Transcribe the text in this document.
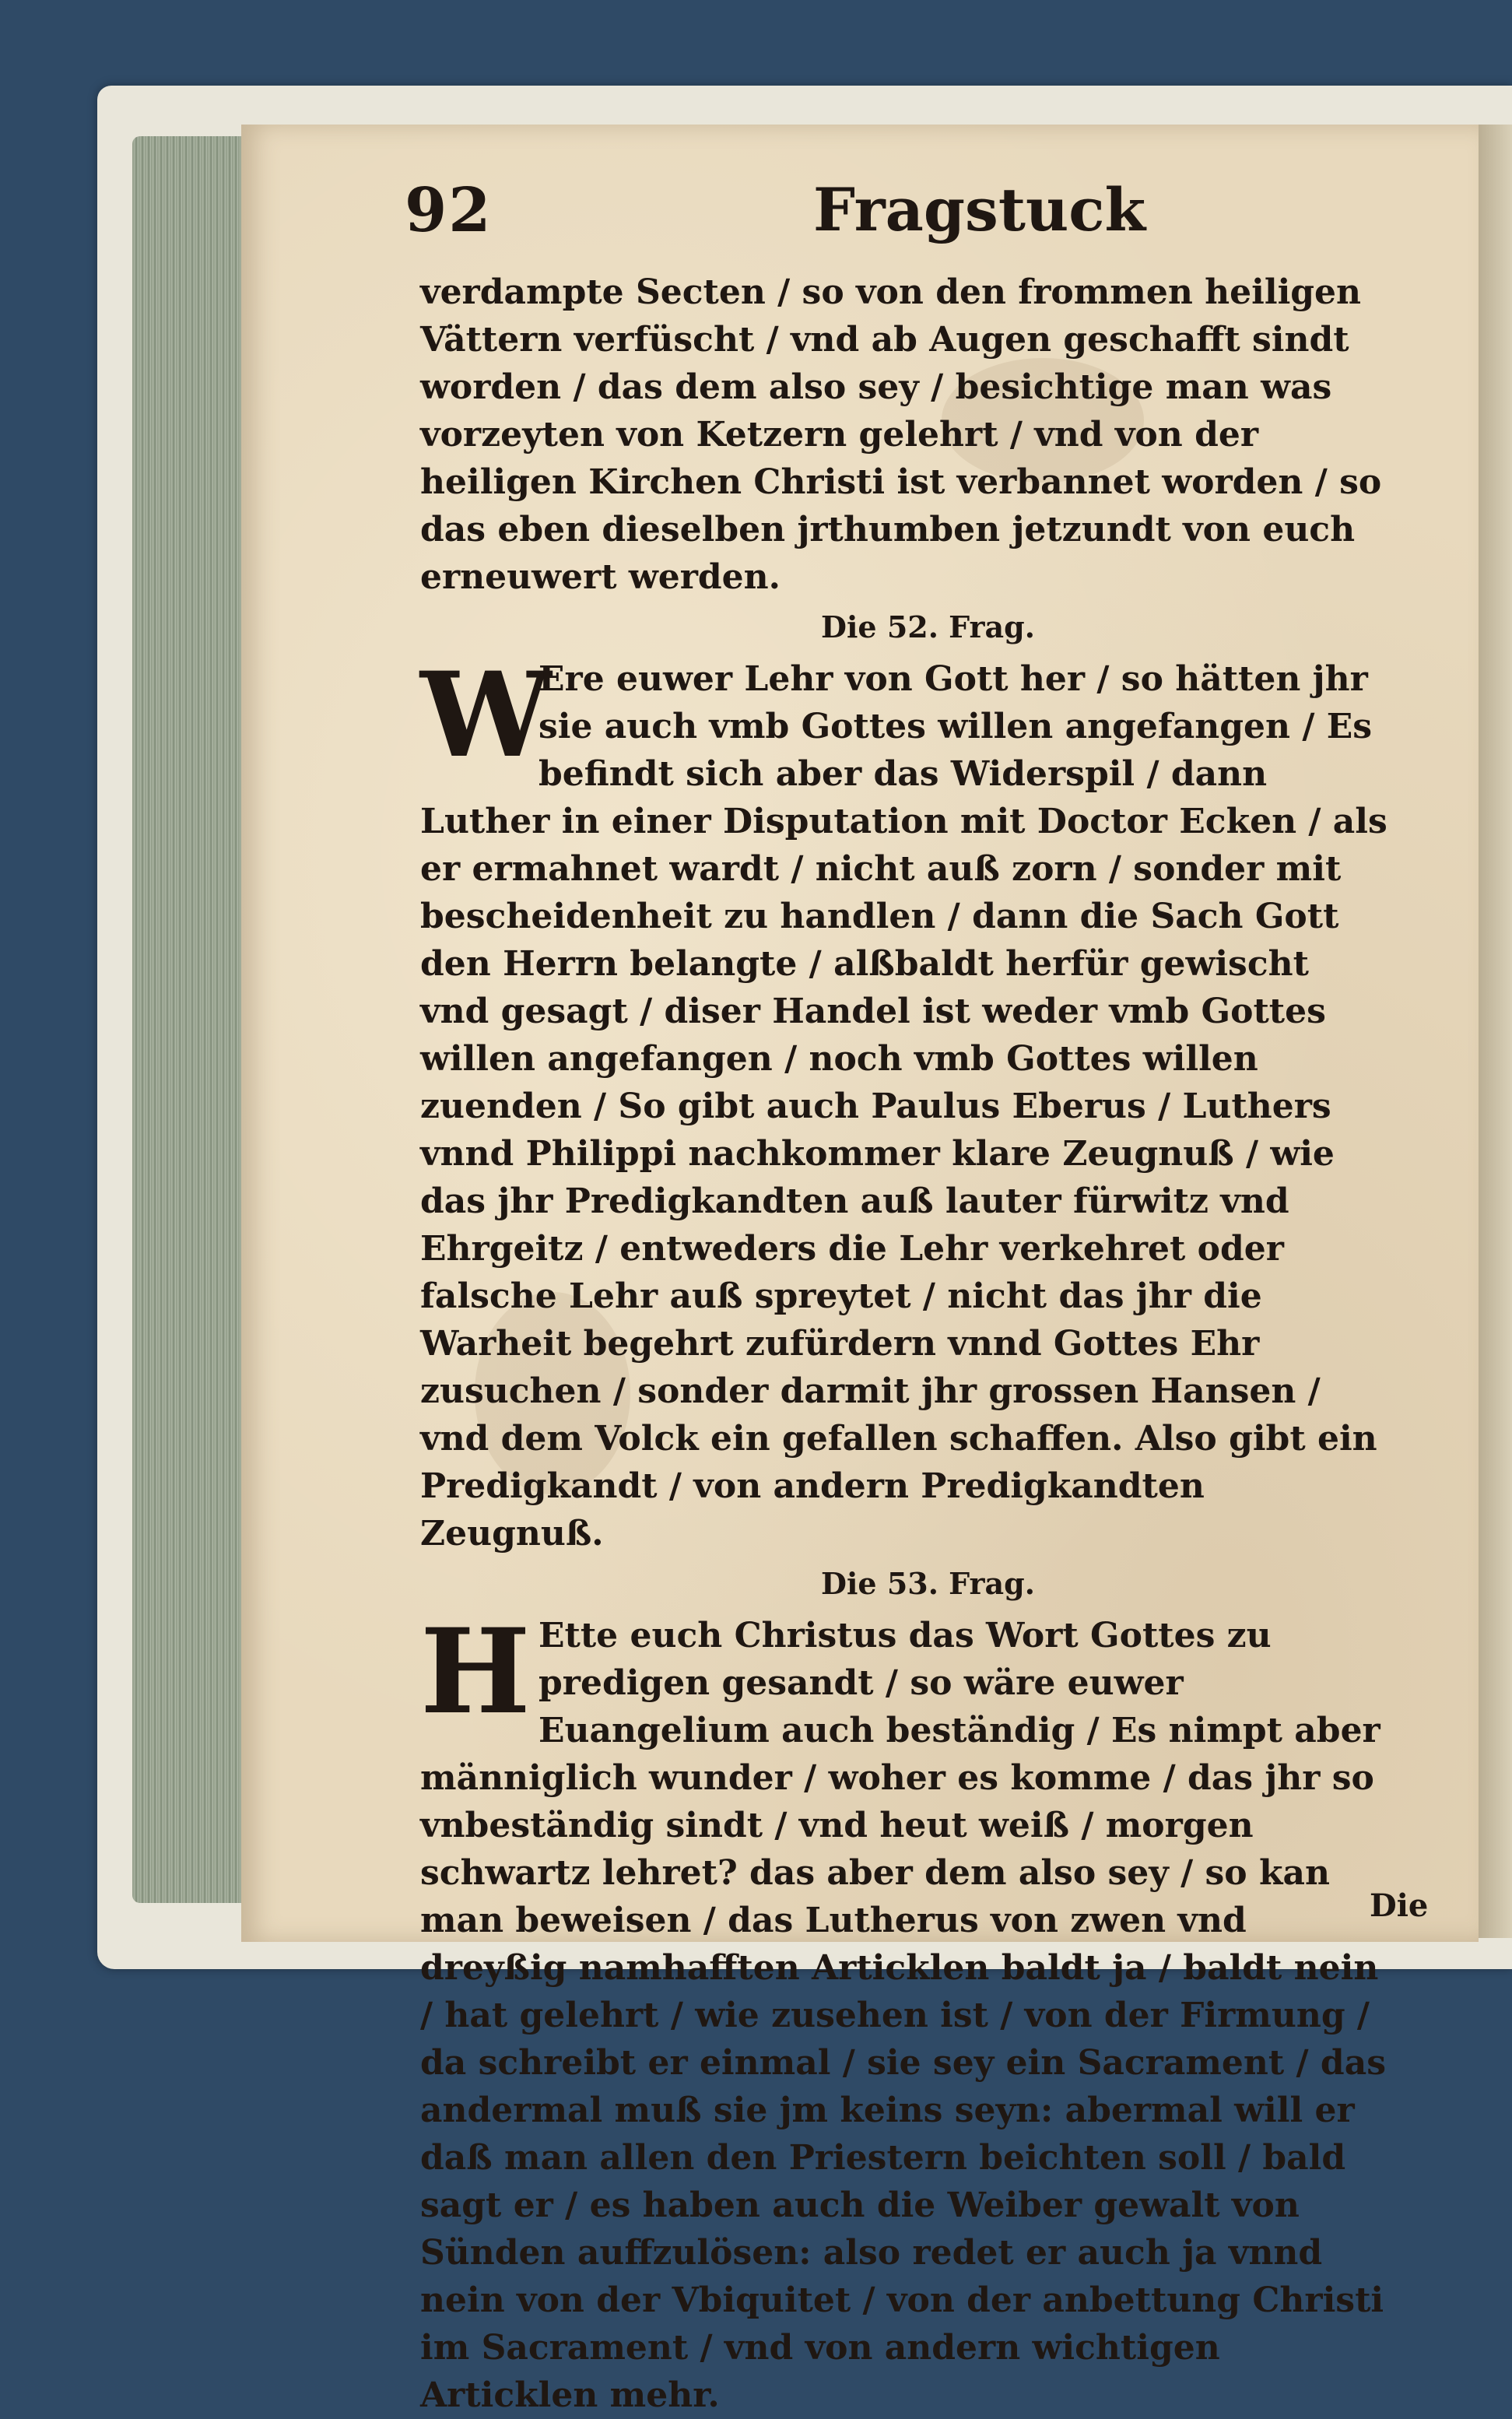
92	Fragstuck

verdampte Secten / so von den frommen heiligen Vättern verfüscht / vnd ab Augen geschafft sindt worden / das dem also sey / besichtige man was vorzeyten von Ketzern gelehrt / vnd von der heiligen Kirchen Christi ist verbannet worden / so das eben dieselben jrthumben jetzundt von euch erneuwert werden.

Die 52. Frag.

W
Ere euwer Lehr von Gott her / so hätten jhr sie auch vmb Gottes willen angefangen / Es befindt sich aber das Widerspil / dann Luther in einer Disputation mit Doctor Ecken / als er ermahnet wardt / nicht auß zorn / sonder mit bescheidenheit zu handlen / dann die Sach Gott den Herrn belangte / alßbaldt herfür gewischt vnd gesagt / diser Handel ist weder vmb Gottes willen angefangen / noch vmb Gottes willen zuenden / So gibt auch Paulus Eberus / Luthers vnnd Philippi nachkommer klare Zeugnuß / wie das jhr Predigkandten auß lauter fürwitz vnd Ehrgeitz / entweders die Lehr verkehret oder falsche Lehr auß spreytet / nicht das jhr die Warheit begehrt zufürdern vnnd Gottes Ehr zusuchen / sonder darmit jhr grossen Hansen / vnd dem Volck ein gefallen schaffen. Also gibt ein Predigkandt / von andern Predigkandten Zeugnuß.

Die 53. Frag.

H Ette euch Christus das Wort Gottes zu predigen gesandt / so wäre euwer Euangelium auch beständig / Es nimpt aber männiglich wunder / woher es komme / das jhr so vnbeständig sindt / vnd heut weiß / morgen schwartz lehret? das aber dem also sey / so kan man beweisen / das Lutherus von zwen vnd dreyßig namhafften Articklen baldt ja / baldt nein / hat gelehrt / wie zusehen ist / von der Firmung / da schreibt er einmal / sie sey ein Sacrament / das andermal muß sie jm keins seyn: abermal will er daß man allen den Priestern beichten soll / bald sagt er / es haben auch die Weiber gewalt von Sünden auffzulösen: also redet er auch ja vnnd nein von der Vbiquitet / von der anbettung Christi im Sacrament / vnd von andern wichtigen Articklen mehr.

Die
